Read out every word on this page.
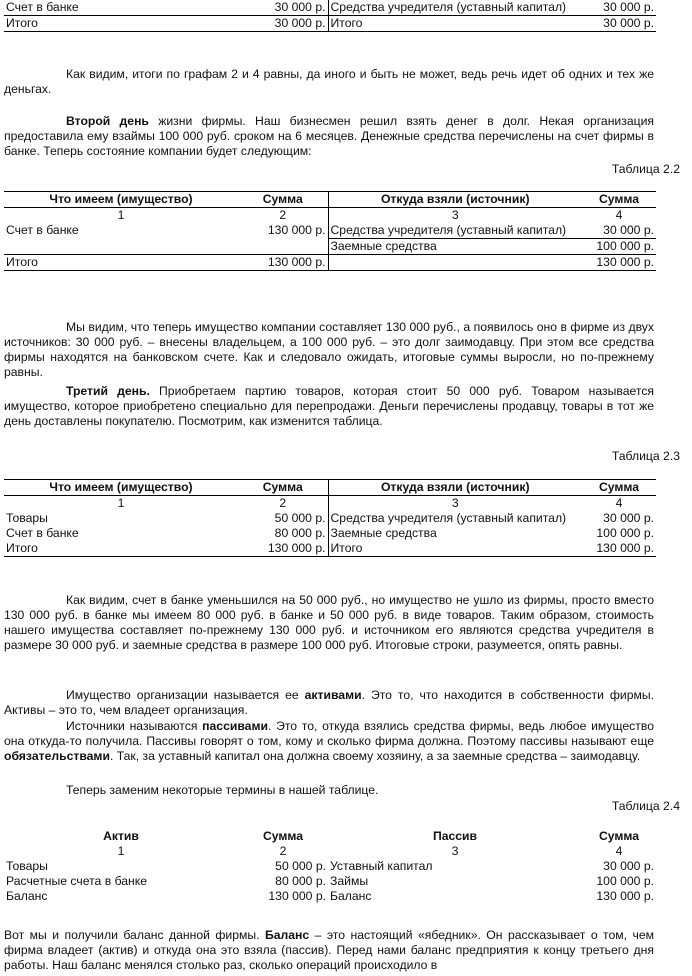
Счет в банке	30 000 р.	Средства учредителя (уставный капитал)	30 000 р.
Итого	30 000 р.	Итого	30 000 р.

Как видим, итоги по графам 2 и 4 равны, да иного и быть не может, ведь речь идет об одних и тех же деньгах.

Второй день жизни фирмы. Наш бизнесмен решил взять денег в долг. Некая организация предоставила ему взаймы 100 000 руб. сроком на 6 месяцев. Денежные средства перечислены на счет фирмы в банке. Теперь состояние компании будет следующим:

Таблица 2.2
Что имеем (имущество)	Сумма	Откуда взяли (источник)	Сумма
1	2	3	4
Счет в банке	130 000 р.	Средства учредителя (уставный капитал)	30 000 р.
		Заемные средства	100 000 р.
Итого	130 000 р.		130 000 р.

Мы видим, что теперь имущество компании составляет 130 000 руб., а появилось оно в фирме из двух источников: 30 000 руб. – внесены владельцем, а 100 000 руб. – это долг заимодавцу. При этом все средства фирмы находятся на банковском счете. Как и следовало ожидать, итоговые суммы выросли, но по-прежнему равны.

Третий день. Приобретаем партию товаров, которая стоит 50 000 руб. Товаром называется имущество, которое приобретено специально для перепродажи. Деньги перечислены продавцу, товары в тот же день доставлены покупателю. Посмотрим, как изменится таблица.

Таблица 2.3
Что имеем (имущество)	Сумма	Откуда взяли (источник)	Сумма
1	2	3	4
Товары	50 000 р.	Средства учредителя (уставный капитал)	30 000 р.
Счет в банке	80 000 р.	Заемные средства	100 000 р.
Итого	130 000 р.	Итого	130 000 р.

Как видим, счет в банке уменьшился на 50 000 руб., но имущество не ушло из фирмы, просто вместо 130 000 руб. в банке мы имеем 80 000 руб. в банке и 50 000 руб. в виде товаров. Таким образом, стоимость нашего имущества составляет по-прежнему 130 000 руб. и источником его являются средства учредителя в размере 30 000 руб. и заемные средства в размере 100 000 руб. Итоговые строки, разумеется, опять равны.

Имущество организации называется ее активами. Это то, что находится в собственности фирмы. Активы – это то, чем владеет организация.

Источники называются пассивами. Это то, откуда взялись средства фирмы, ведь любое имущество она откуда-то получила. Пассивы говорят о том, кому и сколько фирма должна. Поэтому пассивы называют еще обязательствами. Так, за уставный капитал она должна своему хозяину, а за заемные средства – заимодавцу.

Теперь заменим некоторые термины в нашей таблице.

Таблица 2.4
Актив	Сумма	Пассив	Сумма
1	2	3	4
Товары	50 000 р.	Уставный капитал	30 000 р.
Расчетные счета в банке	80 000 р.	Займы	100 000 р.
Баланс	130 000 р.	Баланс	130 000 р.

Вот мы и получили баланс данной фирмы. Баланс – это настоящий «ябедник». Он рассказывает о том, чем фирма владеет (актив) и откуда она это взяла (пассив). Перед нами баланс предприятия к концу третьего дня работы. Наш баланс менялся столько раз, сколько операций происходило в
